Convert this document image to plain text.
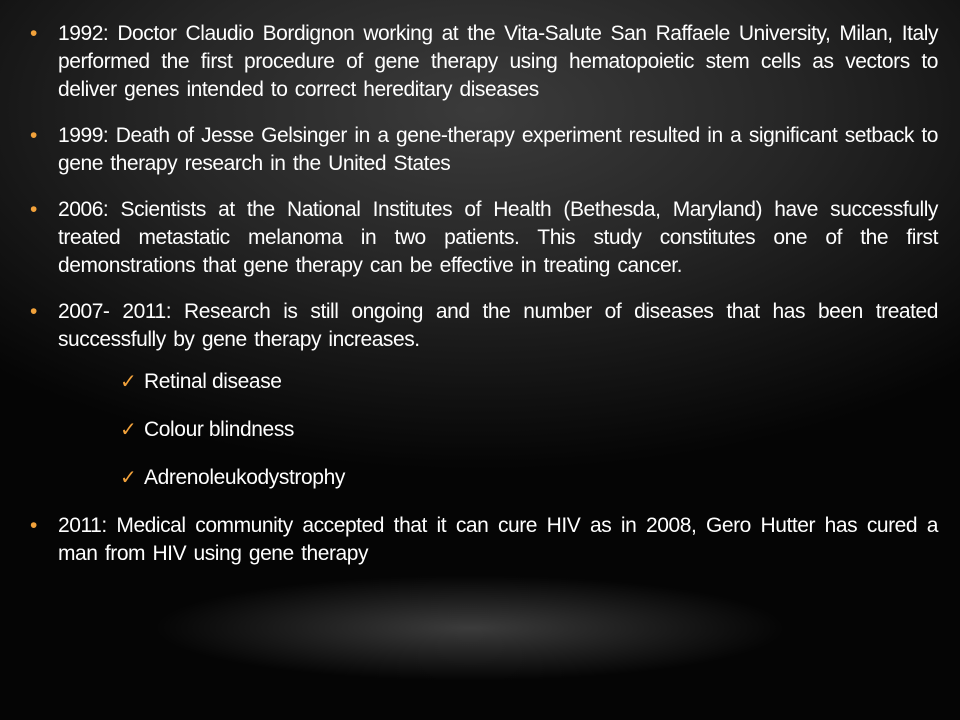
• 1992: Doctor Claudio Bordignon working at the Vita-Salute San Raffaele University, Milan, Italy performed the first procedure of gene therapy using hematopoietic stem cells as vectors to deliver genes intended to correct hereditary diseases
• 1999: Death of Jesse Gelsinger in a gene-therapy experiment resulted in a significant setback to gene therapy research in the United States
• 2006: Scientists at the National Institutes of Health (Bethesda, Maryland) have successfully treated metastatic melanoma in two patients. This study constitutes one of the first demonstrations that gene therapy can be effective in treating cancer.
• 2007- 2011: Research is still ongoing and the number of diseases that has been treated successfully by gene therapy increases.
✓ Retinal disease
✓ Colour blindness
✓ Adrenoleukodystrophy
• 2011: Medical community accepted that it can cure HIV as in 2008, Gero Hutter has cured a man from HIV using gene therapy
